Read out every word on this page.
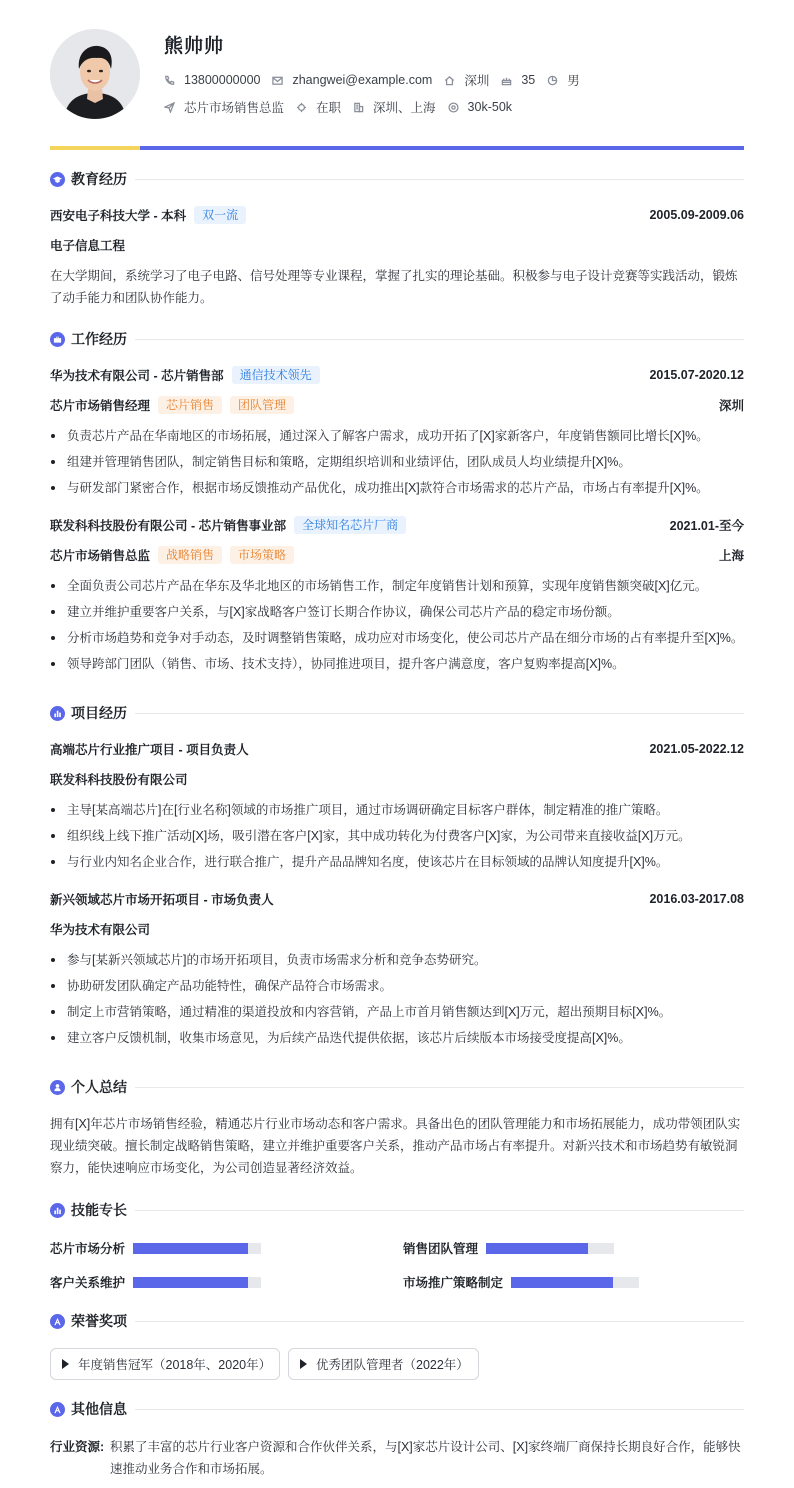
熊帅帅
13800000000	zhangwei@example.com	深圳	35	男
芯片市场销售总监	在职	深圳、上海	30k-50k
教育经历
西安电子科技大学 - 本科	双一流	2005.09-2009.06
电子信息工程
在大学期间，系统学习了电子电路、信号处理等专业课程，掌握了扎实的理论基础。积极参与电子设计竞赛等实践活动，锻炼了动手能力和团队协作能力。
工作经历
华为技术有限公司 - 芯片销售部	通信技术领先	2015.07-2020.12
芯片市场销售经理	芯片销售	团队管理	深圳
负责芯片产品在华南地区的市场拓展，通过深入了解客户需求，成功开拓了[X]家新客户，年度销售额同比增长[X]%。
组建并管理销售团队，制定销售目标和策略，定期组织培训和业绩评估，团队成员人均业绩提升[X]%。
与研发部门紧密合作，根据市场反馈推动产品优化，成功推出[X]款符合市场需求的芯片产品，市场占有率提升[X]%。
联发科科技股份有限公司 - 芯片销售事业部	全球知名芯片厂商	2021.01-至今
芯片市场销售总监	战略销售	市场策略	上海
全面负责公司芯片产品在华东及华北地区的市场销售工作，制定年度销售计划和预算，实现年度销售额突破[X]亿元。
建立并维护重要客户关系，与[X]家战略客户签订长期合作协议，确保公司芯片产品的稳定市场份额。
分析市场趋势和竞争对手动态，及时调整销售策略，成功应对市场变化，使公司芯片产品在细分市场的占有率提升至[X]%。
领导跨部门团队（销售、市场、技术支持），协同推进项目，提升客户满意度，客户复购率提高[X]%。
项目经历
高端芯片行业推广项目 - 项目负责人	2021.05-2022.12
联发科科技股份有限公司
主导[某高端芯片]在[行业名称]领域的市场推广项目，通过市场调研确定目标客户群体，制定精准的推广策略。
组织线上线下推广活动[X]场，吸引潜在客户[X]家，其中成功转化为付费客户[X]家，为公司带来直接收益[X]万元。
与行业内知名企业合作，进行联合推广，提升产品品牌知名度，使该芯片在目标领域的品牌认知度提升[X]%。
新兴领域芯片市场开拓项目 - 市场负责人	2016.03-2017.08
华为技术有限公司
参与[某新兴领域芯片]的市场开拓项目，负责市场需求分析和竞争态势研究。
协助研发团队确定产品功能特性，确保产品符合市场需求。
制定上市营销策略，通过精准的渠道投放和内容营销，产品上市首月销售额达到[X]万元，超出预期目标[X]%。
建立客户反馈机制，收集市场意见，为后续产品迭代提供依据，该芯片后续版本市场接受度提高[X]%。
个人总结
拥有[X]年芯片市场销售经验，精通芯片行业市场动态和客户需求。具备出色的团队管理能力和市场拓展能力，成功带领团队实现业绩突破。擅长制定战略销售策略，建立并维护重要客户关系，推动产品市场占有率提升。对新兴技术和市场趋势有敏锐洞察力，能快速响应市场变化，为公司创造显著经济效益。
技能专长
芯片市场分析	销售团队管理
客户关系维护	市场推广策略制定
荣誉奖项
年度销售冠军（2018年、2020年）	优秀团队管理者（2022年）
其他信息
行业资源: 积累了丰富的芯片行业客户资源和合作伙伴关系，与[X]家芯片设计公司、[X]家终端厂商保持长期良好合作，能够快速推动业务合作和市场拓展。
